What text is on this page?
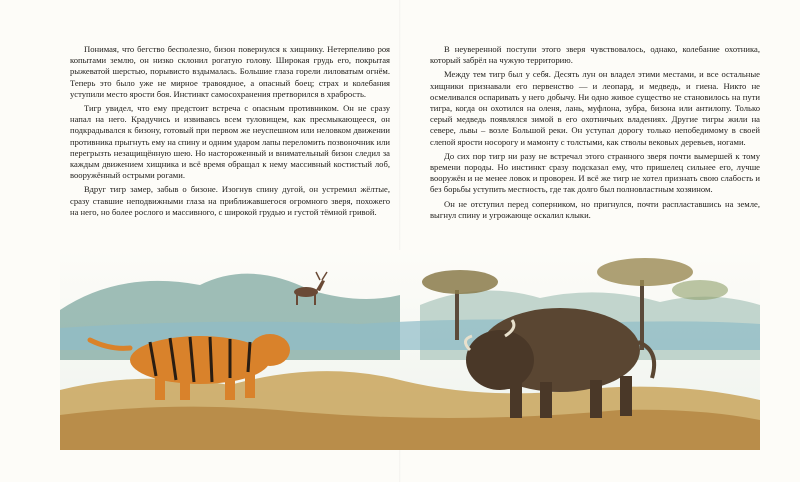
Понимая, что бегство бесполезно, бизон повернулся к хищнику. Нетерпеливо роя копытами землю, он низко склонил рогатую голову. Широкая грудь его, покрытая рыжеватой шерстью, порывисто вздымалась. Большие глаза горели лиловатым огнём. Теперь это было уже не мирное травоядное, а опасный боец; страх и колебания уступили место ярости боя. Инстинкт самосохранения претворился в храбрость.

Тигр увидел, что ему предстоит встреча с опасным противником. Он не сразу напал на него. Крадучись и извиваясь всем туловищем, как пресмыкающееся, он подкрадывался к бизону, готовый при первом же неуспешном или неловком движении противника прыгнуть ему на спину и одним ударом лапы переломить позвоночник или перегрызть незащищённую шею. Но настороженный и внимательный бизон следил за каждым движением хищника и всё время обращал к нему массивный костистый лоб, вооружённый острыми рогами.

Вдруг тигр замер, забыв о бизоне. Изогнув спину дугой, он устремил жёлтые, сразу ставшие неподвижными глаза на приближавшегося огромного зверя, похожего на него, но более рослого и массивного, с широкой грудью и густой тёмной гривой.

В неуверенной поступи этого зверя чувствовалось, однако, колебание охотника, который забрёл на чужую территорию.

Между тем тигр был у себя. Десять лун он владел этими местами, и все остальные хищники признавали его первенство — и леопард, и медведь, и гиена. Никто не осмеливался оспаривать у него добычу. Ни одно живое существо не становилось на пути тигра, когда он охотился на оленя, лань, муфлона, зубра, бизона или антилопу. Только серый медведь появлялся зимой в его охотничьих владениях. Другие тигры жили на севере, львы – возле Большой реки. Он уступал дорогу только непобедимому в своей слепой ярости носорогу и мамонту с толстыми, как стволы вековых деревьев, ногами.

До сих пор тигр ни разу не встречал этого странного зверя почти вымершей к тому времени породы. Но инстинкт сразу подсказал ему, что пришелец сильнее его, лучше вооружён и не менее ловок и проворен. И всё же тигр не хотел признать свою слабость и без борьбы уступить местность, где так долго был полновластным хозяином.

Он не отступил перед соперником, но пригнулся, почти распластавшись на земле, выгнул спину и угрожающе оскалил клыки.
